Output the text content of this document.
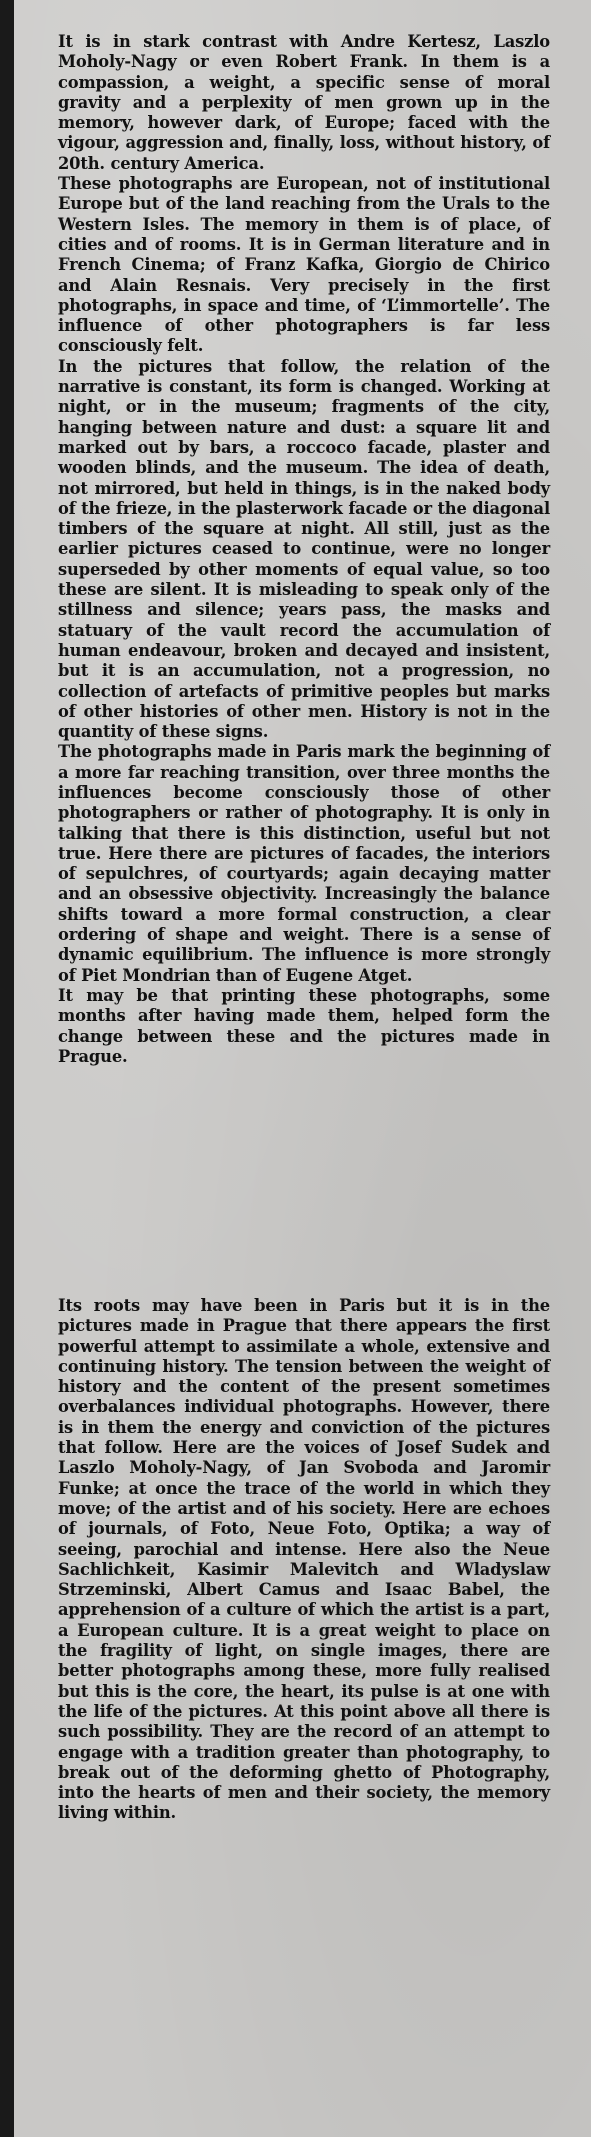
It is in stark contrast with Andre Kertesz, Laszlo Moholy-Nagy or even Robert Frank. In them is a compassion, a weight, a specific sense of moral gravity and a perplexity of men grown up in the memory, however dark, of Europe; faced with the vigour, aggression and, finally, loss, without history, of 20th. century America.

These photographs are European, not of institutional Europe but of the land reaching from the Urals to the Western Isles. The memory in them is of place, of cities and of rooms. It is in German literature and in French Cinema; of Franz Kafka, Giorgio de Chirico and Alain Resnais. Very precisely in the first photographs, in space and time, of ‘L’immortelle’. The influence of other photographers is far less consciously felt.

In the pictures that follow, the relation of the narrative is constant, its form is changed. Working at night, or in the museum; fragments of the city, hanging between nature and dust: a square lit and marked out by bars, a roccoco facade, plaster and wooden blinds, and the museum. The idea of death, not mirrored, but held in things, is in the naked body of the frieze, in the plasterwork facade or the diagonal timbers of the square at night. All still, just as the earlier pictures ceased to continue, were no longer superseded by other moments of equal value, so too these are silent. It is misleading to speak only of the stillness and silence; years pass, the masks and statuary of the vault record the accumulation of human endeavour, broken and decayed and insistent, but it is an accumulation, not a progression, no collection of artefacts of primitive peoples but marks of other histories of other men. History is not in the quantity of these signs.

The photographs made in Paris mark the beginning of a more far reaching transition, over three months the influences become consciously those of other photographers or rather of photography. It is only in talking that there is this distinction, useful but not true. Here there are pictures of facades, the interiors of sepulchres, of courtyards; again decaying matter and an obsessive objectivity. Increasingly the balance shifts toward a more formal construction, a clear ordering of shape and weight. There is a sense of dynamic equilibrium. The influence is more strongly of Piet Mondrian than of Eugene Atget.

It may be that printing these photographs, some months after having made them, helped form the change between these and the pictures made in Prague.

Its roots may have been in Paris but it is in the pictures made in Prague that there appears the first powerful attempt to assimilate a whole, extensive and continuing history. The tension between the weight of history and the content of the present sometimes overbalances individual photographs. However, there is in them the energy and conviction of the pictures that follow. Here are the voices of Josef Sudek and Laszlo Moholy-Nagy, of Jan Svoboda and Jaromir Funke; at once the trace of the world in which they move; of the artist and of his society. Here are echoes of journals, of Foto, Neue Foto, Optika; a way of seeing, parochial and intense. Here also the Neue Sachlichkeit, Kasimir Malevitch and Wladyslaw Strzeminski, Albert Camus and Isaac Babel, the apprehension of a culture of which the artist is a part, a European culture. It is a great weight to place on the fragility of light, on single images, there are better photographs among these, more fully realised but this is the core, the heart, its pulse is at one with the life of the pictures. At this point above all there is such possibility. They are the record of an attempt to engage with a tradition greater than photography, to break out of the deforming ghetto of Photography, into the hearts of men and their society, the memory living within.
